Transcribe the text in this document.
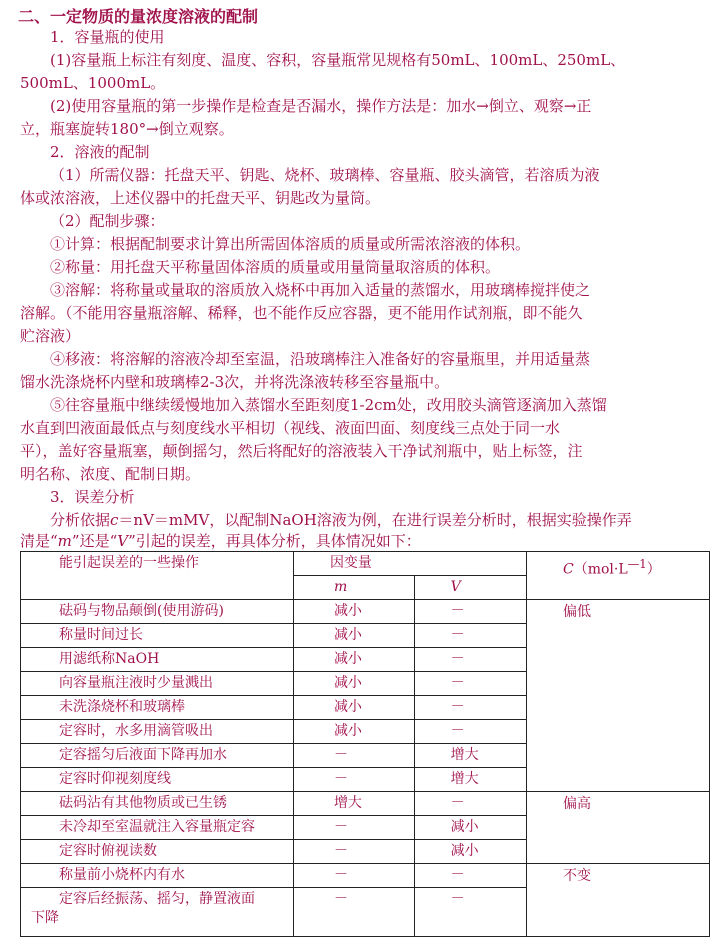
二、一定物质的量浓度溶液的配制
1．容量瓶的使用
(1)容量瓶上标注有刻度、温度、容积，容量瓶常见规格有50mL、100mL、250mL、
500mL、1000mL。
(2)使用容量瓶的第一步操作是检查是否漏水，操作方法是：加水→倒立、观察→正
立，瓶塞旋转180°→倒立观察。
2．溶液的配制
（1）所需仪器：托盘天平、钥匙、烧杯、玻璃棒、容量瓶、胶头滴管，若溶质为液
体或浓溶液，上述仪器中的托盘天平、钥匙改为量筒。
（2）配制步骤：
①计算：根据配制要求计算出所需固体溶质的质量或所需浓溶液的体积。
②称量：用托盘天平称量固体溶质的质量或用量筒量取溶质的体积。
③溶解：将称量或量取的溶质放入烧杯中再加入适量的蒸馏水，用玻璃棒搅拌使之
溶解。（不能用容量瓶溶解、稀释，也不能作反应容器，更不能用作试剂瓶，即不能久
贮溶液）
④移液：将溶解的溶液冷却至室温，沿玻璃棒注入准备好的容量瓶里，并用适量蒸
馏水洗涤烧杯内壁和玻璃棒2-3次，并将洗涤液转移至容量瓶中。
⑤往容量瓶中继续缓慢地加入蒸馏水至距刻度1-2cm处，改用胶头滴管逐滴加入蒸馏
水直到凹液面最低点与刻度线水平相切（视线、液面凹面、刻度线三点处于同一水
平），盖好容量瓶塞，颠倒摇匀，然后将配好的溶液装入干净试剂瓶中，贴上标签，注
明名称、浓度、配制日期。
3．误差分析
分析依据c＝nV＝mMV，以配制NaOH溶液为例，在进行误差分析时，根据实验操作弄
清是“m”还是“V”引起的误差，再具体分析，具体情况如下：
能引起误差的一些操作	因变量		$C(mol\cdot L^{—1})$
	m	V	
砝码与物品颠倒(使用游码)	减小	－	偏低
称量时间过长	减小	－	
用滤纸称NaOH	减小	－	
向容量瓶注液时少量溅出	减小	－	
未洗涤烧杯和玻璃棒	减小	－	
定容时，水多用滴管吸出	减小	－	
定容摇匀后液面下降再加水	－	增大	
定容时仰视刻度线	－	增大	
砝码沾有其他物质或已生锈	增大	－	偏高
未冷却至室温就注入容量瓶定容	－	减小	
定容时俯视读数	－	减小	
称量前小烧杯内有水	－	－	不变

定容后经振荡、摇匀，静置液面
下降	－	－	
